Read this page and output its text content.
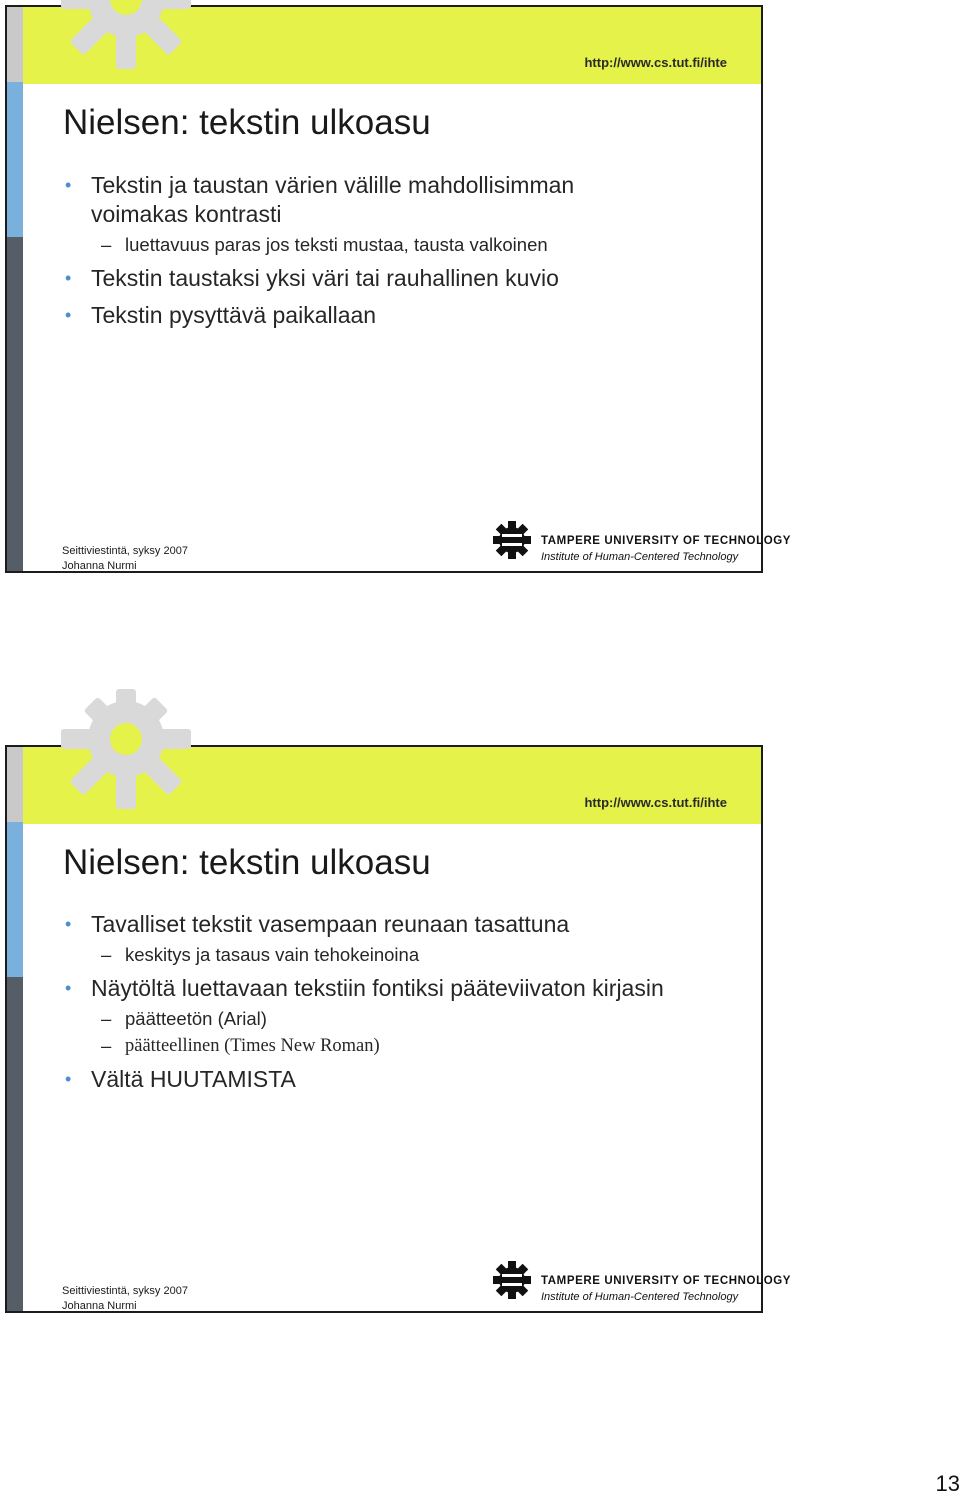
http://www.cs.tut.fi/ihte
Nielsen: tekstin ulkoasu
• Tekstin ja taustan värien välille mahdollisimman
voimakas kontrasti
– luettavuus paras jos teksti mustaa, tausta valkoinen
• Tekstin taustaksi yksi väri tai rauhallinen kuvio
• Tekstin pysyttävä paikallaan
Seittiviestintä, syksy 2007
Johanna Nurmi
TAMPERE UNIVERSITY OF TECHNOLOGY
Institute of Human-Centered Technology
http://www.cs.tut.fi/ihte
Nielsen: tekstin ulkoasu
• Tavalliset tekstit vasempaan reunaan tasattuna
– keskitys ja tasaus vain tehokeinoina
• Näytöltä luettavaan tekstiin fontiksi pääteviivaton kirjasin
– päätteetön (Arial)
– päätteellinen (Times New Roman)
• Vältä HUUTAMISTA
Seittiviestintä, syksy 2007
Johanna Nurmi
TAMPERE UNIVERSITY OF TECHNOLOGY
Institute of Human-Centered Technology
13
